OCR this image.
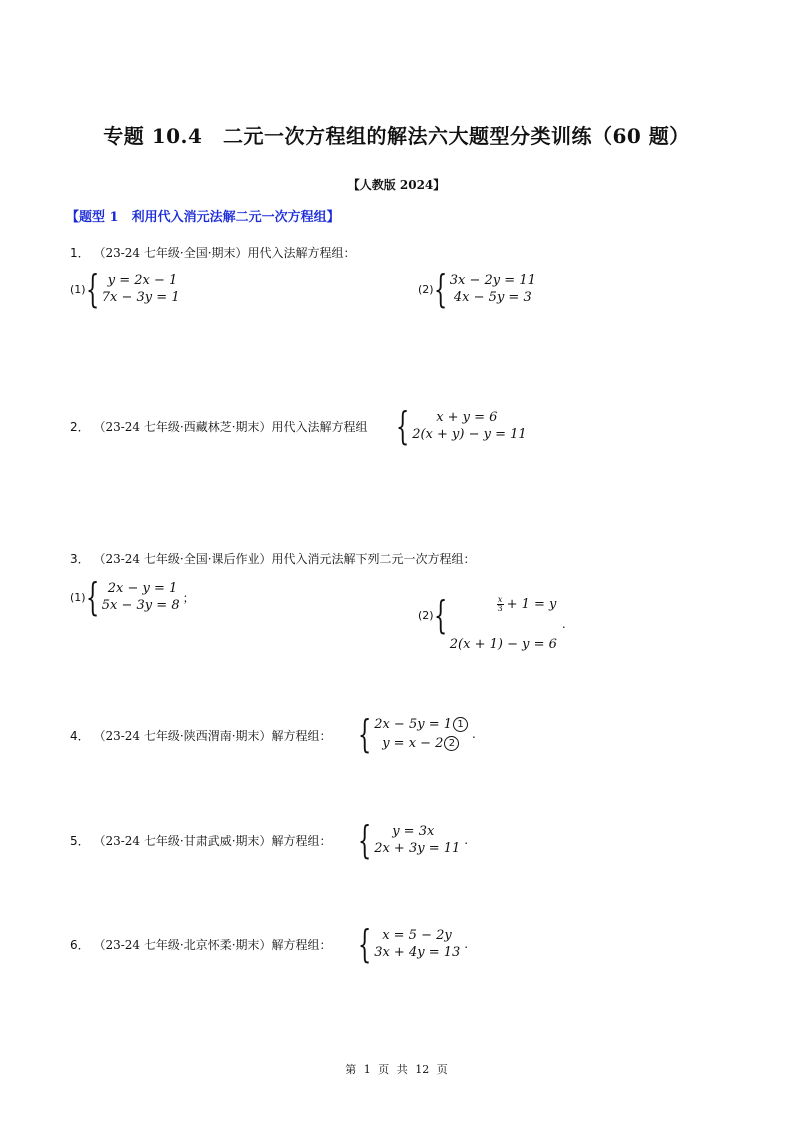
专题 10.4　二元一次方程组的解法六大题型分类训练（60 题）
【人教版 2024】
【题型 1　利用代入消元法解二元一次方程组】
1． （23-24 七年级·全国·期末）用代入法解方程组：
(1) { y = 2x − 1
7x − 3y = 1
(2) { 3x − 2y = 11
4x − 5y = 3
2． （23-24 七年级·西藏林芝·期末）用代入法解方程组 {	x + y = 6
2(x + y) − y = 11
3． （23-24 七年级·全国·课后作业）用代入消元法解下列二元一次方程组：
(1) { 2x − y = 1
5x − 3y = 8
；
(2) {

	$\frac{x}{3} + 1 = y$

2(x + 1) − y = 6
.
4． （23-24 七年级·陕西渭南·期末）解方程组： { 2x − 5y = 1 1
y = x − 2 2
.
5． （23-24 七年级·甘肃武威·期末）解方程组： {	y = 3x
2x + 3y = 11
.
6． （23-24 七年级·北京怀柔·期末）解方程组： { x = 5 − 2y
3x + 4y = 13
.
第 1 页 共 12 页
